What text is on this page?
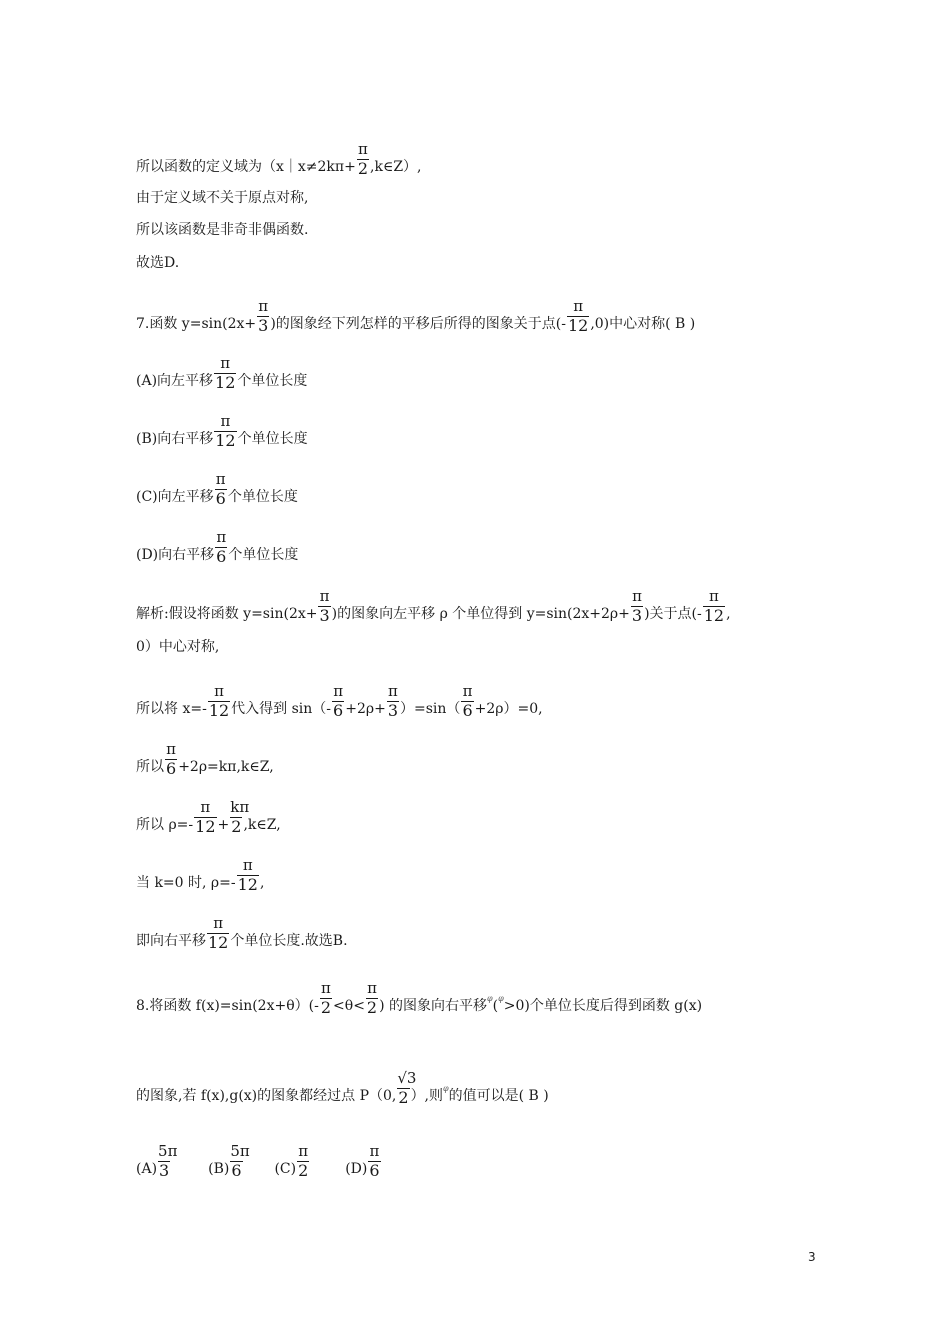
所以函数的定义域为（x｜x≠2kπ+ $\frac{\pi}{2}$ ,k∈Z）,
由于定义域不关于原点对称,
所以该函数是非奇非偶函数.
故选D.
7.函数 $y=\sin(2x+ \frac{\pi}{3}$ )的图象经下列怎样的平移后所得的图象关于点(- $\frac{\pi}{12} ,0$)中心对称( B )
(A)向左平移 $\frac{\pi}{12}$ 个单位长度
(B)向右平移 $\frac{\pi}{12}$ 个单位长度
(C)向左平移 $\frac{\pi}{6}$ 个单位长度
(D)向右平移 $\frac{\pi}{6}$ 个单位长度
解析:假设将函数 $y=\sin(2x+ \frac{\pi}{3}$ )的图象向左平移 ρ 个单位得到 $y=\sin(2x+2\rho+ \frac{\pi}{3}$ )关于点(- $\frac{\pi}{12}$ ,
0）中心对称,
所以将 $x=- \frac{\pi}{12}$ 代入得到 $\sin(- \frac{\pi}{6} +2\rho+ \frac{\pi}{3} )=\sin( \frac{\pi}{6} +2\rho)=0$,
所以 $\frac{\pi}{6}$ +2ρ=kπ,k∈Z,
所以 $\rho=- \frac{\pi}{12} + \frac{k\pi}{2}$ ,k∈Z,
当 k=0 时, $\rho=- \frac{\pi}{12}$ ,
即向右平移 $\frac{\pi}{12}$ 个单位长度.故选B.
8.将函数 $f(x)=\sin(2x+\theta)(- \frac{\pi}{2} <\theta< \frac{\pi}{2}$ ) 的图象向右平移$^\varphi$($^\varphi$>0)个单位长度后得到函数 g(x)
的图象,若 f(x),g(x)的图象都经过点 P（0, $\frac{√3}{2}$ ）,则$^\varphi$的值可以是( B )
$(A) \frac{5\pi}{3}$	$(B) \frac{5\pi}{6} (C) \frac{\pi}{2}$	$(D) \frac{\pi}{6}$
3
